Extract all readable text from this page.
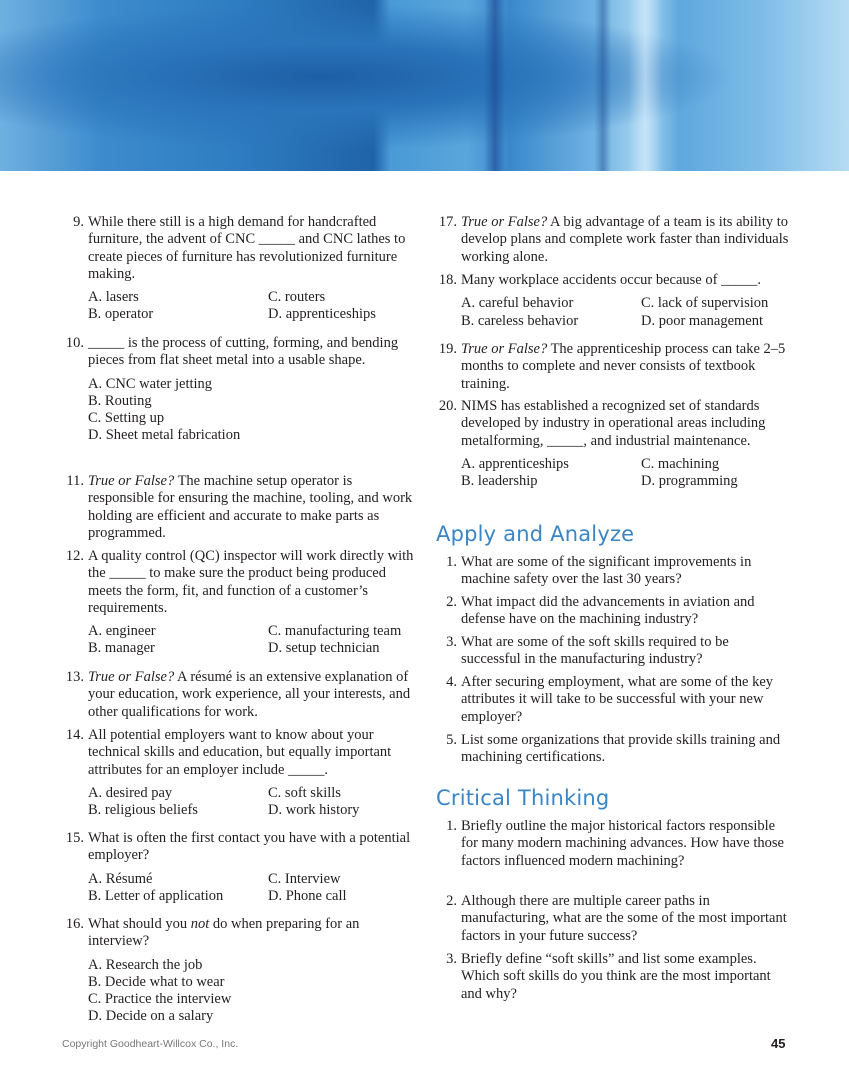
Apply and Analyze
Critical Thinking
Copyright Goodheart-Willcox Co., Inc.	45
9. While there still is a high demand for handcrafted furniture, the advent of CNC _____ and CNC lathes to create pieces of furniture has revolutionized furniture making.
A. lasers	C. routers
B. operator	D. apprenticeships
10. _____ is the process of cutting, forming, and bending pieces from flat sheet metal into a usable shape.
A. CNC water jetting
B. Routing
C. Setting up
D. Sheet metal fabrication
11. True or False? The machine setup operator is responsible for ensuring the machine, tooling, and work holding are efficient and accurate to make parts as programmed.
12. A quality control (QC) inspector will work directly with the _____ to make sure the product being produced meets the form, fit, and function of a customer’s requirements.
A. engineer	C. manufacturing team
B. manager	D. setup technician
13. True or False? A résumé is an extensive explanation of your education, work experience, all your interests, and other qualifications for work.
14. All potential employers want to know about your technical skills and education, but equally important attributes for an employer include _____.
A. desired pay	C. soft skills
B. religious beliefs	D. work history
15. What is often the first contact you have with a potential employer?
A. Résumé	C. Interview
B. Letter of application	D. Phone call
16. What should you not do when preparing for an interview?
A. Research the job
B. Decide what to wear
C. Practice the interview
D. Decide on a salary
17. True or False? A big advantage of a team is its ability to develop plans and complete work faster than individuals working alone.
18. Many workplace accidents occur because of _____.
A. careful behavior	C. lack of supervision
B. careless behavior	D. poor management
19. True or False? The apprenticeship process can take 2–5 months to complete and never consists of textbook training.
20. NIMS has established a recognized set of standards developed by industry in operational areas including metalforming, _____, and industrial maintenance.
A. apprenticeships	C. machining
B. leadership	D. programming
1. What are some of the significant improvements in machine safety over the last 30 years?
2. What impact did the advancements in aviation and defense have on the machining industry?
3. What are some of the soft skills required to be successful in the manufacturing industry?
4. After securing employment, what are some of the key attributes it will take to be successful with your new employer?
5. List some organizations that provide skills training and machining certifications.
1. Briefly outline the major historical factors responsible for many modern machining advances. How have those factors influenced modern machining?
2. Although there are multiple career paths in manufacturing, what are the some of the most important factors in your future success?
3. Briefly define “soft skills” and list some examples. Which soft skills do you think are the most important and why?
